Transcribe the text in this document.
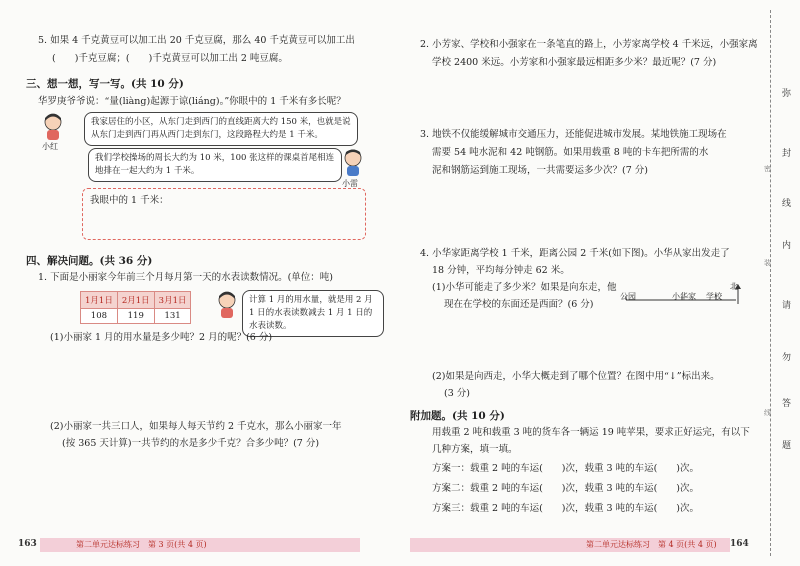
5. 如果 4 千克黄豆可以加工出 20 千克豆腐，那么 40 千克黄豆可以加工出
(　　)千克豆腐；(　　)千克黄豆可以加工出 2 吨豆腐。
三、想一想，写一写。(共 10 分)
华罗庚爷爷说：“量(liàng)起源于谅(liáng)。”你眼中的 1 千米有多长呢？
小红
我家居住的小区，从东门走到西门的直线距离大约 150 米，也就是说从东门走到西门再从西门走到东门，这段路程大约是 1 千米。
我们学校操场的周长大约为 10 米，100 张这样的课桌首尾相连地排在一起大约为 1 千米。
小雷
我眼中的 1 千米：
四、解决问题。(共 36 分)
1. 下面是小丽家今年前三个月每月第一天的水表读数情况。(单位：吨)
1月1日	2月1日	3月1日
108	119	131
计算 1 月的用水量，就是用 2 月 1 日的水表读数减去 1 月 1 日的水表读数。
(1)小丽家 1 月的用水量是多少吨？2 月的呢？(6 分)
(2)小丽家一共三口人，如果每人每天节约 2 千克水，那么小丽家一年
(按 365 天计算)一共节约的水是多少千克？合多少吨？(7 分)
163	第二单元达标练习　第 3 页(共 4 页)
2. 小芳家、学校和小强家在一条笔直的路上，小芳家离学校 4 千米远，小强家离
学校 2400 米远。小芳家和小强家最远相距多少米？最近呢？(7 分)
3. 地铁不仅能缓解城市交通压力，还能促进城市发展。某地铁施工现场在
需要 54 吨水泥和 42 吨钢筋。如果用载重 8 吨的卡车把所需的水
泥和钢筋运到施工现场，一共需要运多少次？(7 分)
4. 小华家距离学校 1 千米，距离公园 2 千米(如下图)。小华从家出发走了
18 分钟，平均每分钟走 62 米。
(1)小华可能走了多少米？如果是向东走，他
现在在学校的东面还是西面？(6 分)
公园	小华家 学校
北
(2)如果是向西走，小华大概走到了哪个位置？在图中用“↓”标出来。
(3 分)
附加题。(共 10 分)
用载重 2 吨和载重 3 吨的货车各一辆运 19 吨苹果，要求正好运完，有以下
几种方案，填一填。
方案一：载重 2 吨的车运(　　)次，载重 3 吨的车运(　　)次。
方案二：载重 2 吨的车运(　　)次，载重 3 吨的车运(　　)次。
方案三：载重 2 吨的车运(　　)次，载重 3 吨的车运(　　)次。
第二单元达标练习　第 4 页(共 4 页) 164
弥
封
线
内
请
勿
答
题
密
装
线
